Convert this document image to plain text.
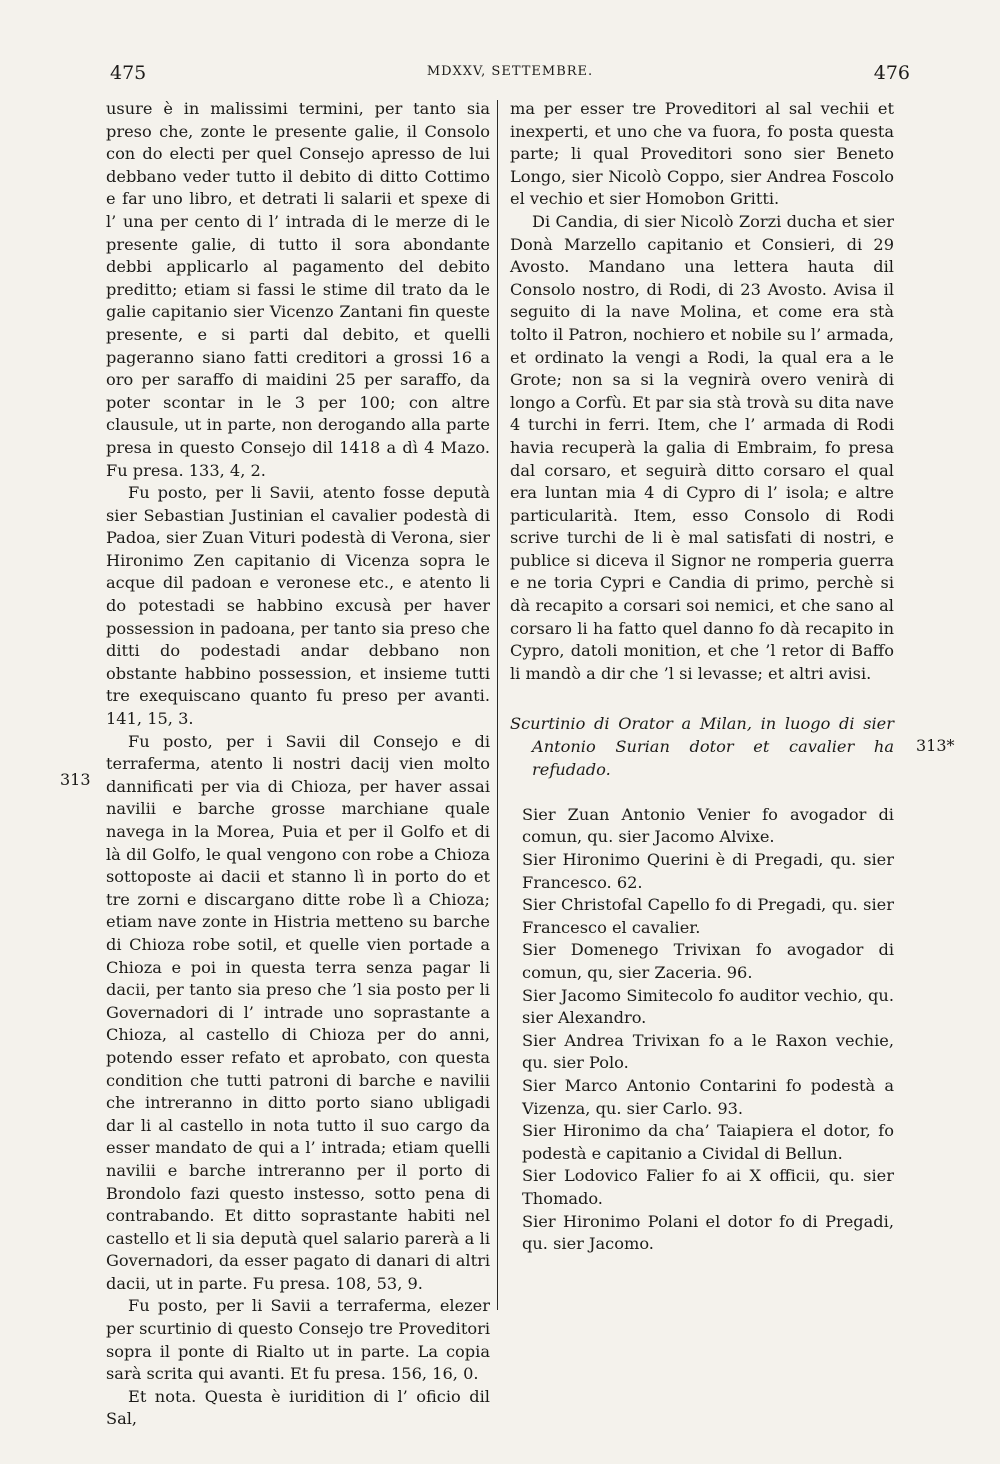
475	MDXXV, SETTEMBRE.	476

usure è in malissimi termini, per tanto sia preso che, zonte le presente galie, il Consolo con do electi per quel Consejo apresso de lui debbano veder tutto il debito di ditto Cottimo e far uno libro, et detrati li salarii et spexe di l’ una per cento di l’ intrada di le merze di le presente galie, di tutto il sora abondante debbi applicarlo al pagamento del debito preditto; etiam si fassi le stime dil trato da le galie capitanio sier Vicenzo Zantani fin queste presente, e si parti dal debito, et quelli pageranno siano fatti creditori a grossi 16 a oro per saraffo di maidini 25 per saraffo, da poter scontar in le 3 per 100; con altre clausule, ut in parte, non derogando alla parte presa in questo Consejo dil 1418 a dì 4 Mazo. Fu presa. 133, 4, 2.

Fu posto, per li Savii, atento fosse deputà sier Sebastian Justinian el cavalier podestà di Padoa, sier Zuan Vituri podestà di Verona, sier Hironimo Zen capitanio di Vicenza sopra le acque dil padoan e veronese etc., e atento li do potestadi se habbino excusà per haver possession in padoana, per tanto sia preso che ditti do podestadi andar debbano non obstante habbino possession, et insieme tutti tre exequiscano quanto fu preso per avanti. 141, 15, 3.

Fu posto, per i Savii dil Consejo e di terraferma, atento li nostri dacij vien molto dannificati per via di Chioza, per haver assai navilii e barche grosse marchiane quale navega in la Morea, Puia et per il Golfo et di là dil Golfo, le qual vengono con robe a Chioza sottoposte ai dacii et stanno lì in porto do et tre zorni e discargano ditte robe lì a Chioza; etiam nave zonte in Histria metteno su barche di Chioza robe sotil, et quelle vien portade a Chioza e poi in questa terra senza pagar li dacii, per tanto sia preso che ’l sia posto per li Governadori di l’ intrade uno soprastante a Chioza, al castello di Chioza per do anni, potendo esser refato et aprobato, con questa condition che tutti patroni di barche e navilii che intreranno in ditto porto siano ubligadi dar li al castello in nota tutto il suo cargo da esser mandato de qui a l’ intrada; etiam quelli navilii e barche intreranno per il porto di Brondolo fazi questo instesso, sotto pena di contrabando. Et ditto soprastante habiti nel castello et li sia deputà quel salario parerà a li Governadori, da esser pagato di danari di altri dacii, ut in parte. Fu presa. 108, 53, 9.

Fu posto, per li Savii a terraferma, elezer per scurtinio di questo Consejo tre Proveditori sopra il ponte di Rialto ut in parte. La copia sarà scrita qui avanti. Et fu presa. 156, 16, 0.

Et nota. Questa è iuridition di l’ oficio dil Sal,

ma per esser tre Proveditori al sal vechii et inexperti, et uno che va fuora, fo posta questa parte; li qual Proveditori sono sier Beneto Longo, sier Nicolò Coppo, sier Andrea Foscolo el vechio et sier Homobon Gritti.

Di Candia, di sier Nicolò Zorzi ducha et sier Donà Marzello capitanio et Consieri, di 29 Avosto. Mandano una lettera hauta dil Consolo nostro, di Rodi, di 23 Avosto. Avisa il seguito di la nave Molina, et come era stà tolto il Patron, nochiero et nobile su l’ armada, et ordinato la vengi a Rodi, la qual era a le Grote; non sa si la vegnirà overo venirà di longo a Corfù. Et par sia stà trovà su dita nave 4 turchi in ferri. Item, che l’ armada di Rodi havia recuperà la galia di Embraim, fo presa dal corsaro, et seguirà ditto corsaro el qual era luntan mia 4 di Cypro di l’ isola; e altre particularità. Item, esso Consolo di Rodi scrive turchi de li è mal satisfati di nostri, e publice si diceva il Signor ne romperia guerra e ne toria Cypri e Candia di primo, perchè si dà recapito a corsari soi nemici, et che sano al corsaro li ha fatto quel danno fo dà recapito in Cypro, datoli monition, et che ’l retor di Baffo li mandò a dir che ’l si levasse; et altri avisi.

Scurtinio di Orator a Milan, in luogo di sier Antonio Surian dotor et cavalier ha refudado.

Sier Zuan Antonio Venier fo avogador di comun, qu. sier Jacomo Alvixe.

Sier Hironimo Querini è di Pregadi, qu. sier Francesco. 62.

Sier Christofal Capello fo di Pregadi, qu. sier Francesco el cavalier.

Sier Domenego Trivixan fo avogador di comun, qu, sier Zaceria. 96.

Sier Jacomo Simitecolo fo auditor vechio, qu. sier Alexandro.

Sier Andrea Trivixan fo a le Raxon vechie, qu. sier Polo.

Sier Marco Antonio Contarini fo podestà a Vizenza, qu. sier Carlo. 93.

Sier Hironimo da cha’ Taiapiera el dotor, fo podestà e capitanio a Cividal di Bellun.

Sier Lodovico Falier fo ai X officii, qu. sier Thomado.

Sier Hironimo Polani el dotor fo di Pregadi, qu. sier Jacomo.

313
313*
